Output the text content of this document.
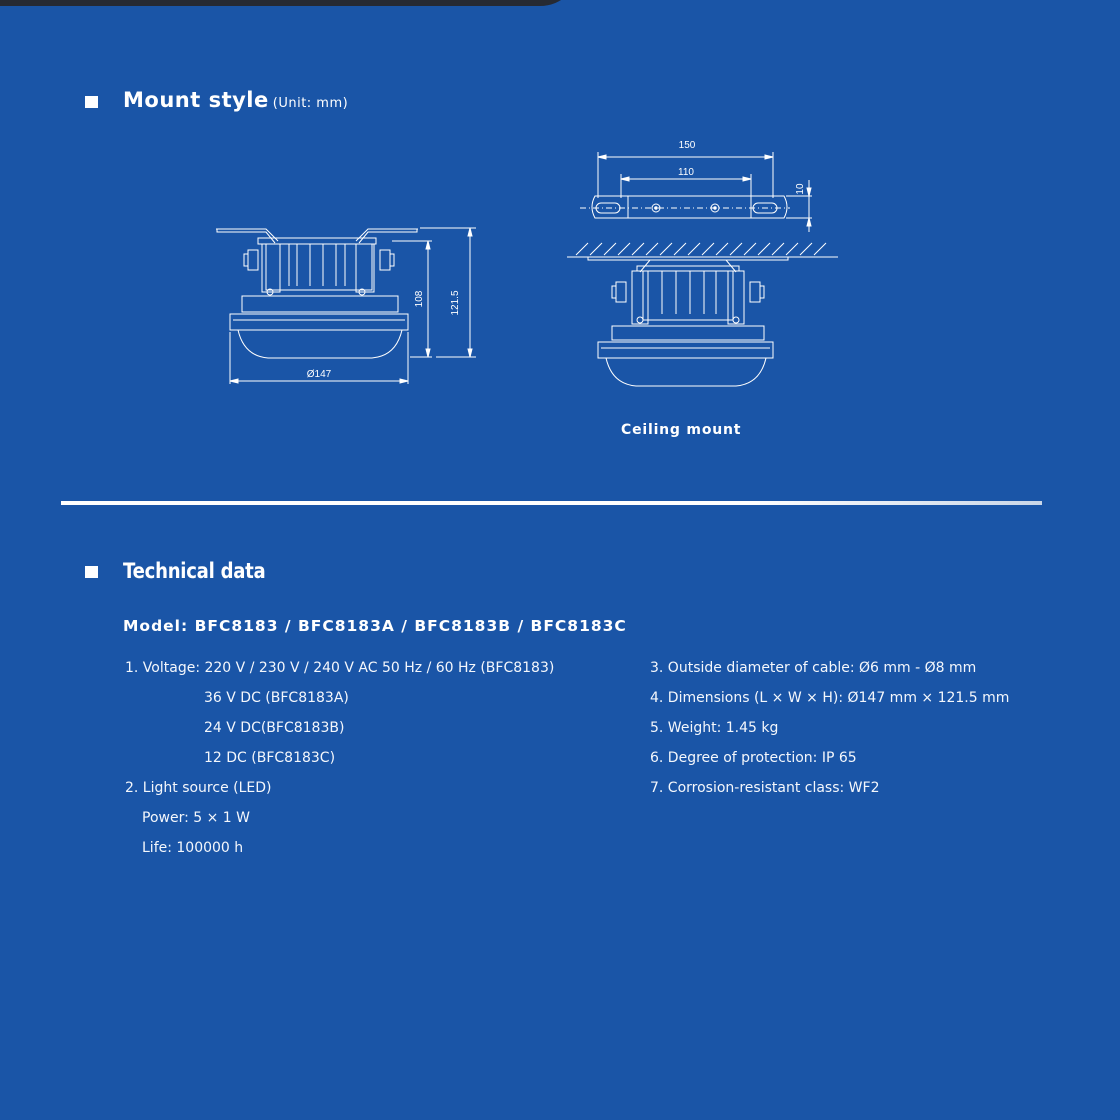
Mount style (Unit: mm)
Ø147
108	121.5
150
110
10
Ceiling mount
Technical data
Model: BFC8183 / BFC8183A / BFC8183B / BFC8183C
1. Voltage: 220 V / 230 V / 240 V AC 50 Hz / 60 Hz (BFC8183)
36 V DC (BFC8183A)
24 V DC(BFC8183B)
12 DC (BFC8183C)
2. Light source (LED)
Power: 5 × 1 W
Life: 100000 h
3. Outside diameter of cable: Ø6 mm - Ø8 mm
4. Dimensions (L × W × H): Ø147 mm × 121.5 mm
5. Weight: 1.45 kg
6. Degree of protection: IP 65
7. Corrosion-resistant class: WF2
